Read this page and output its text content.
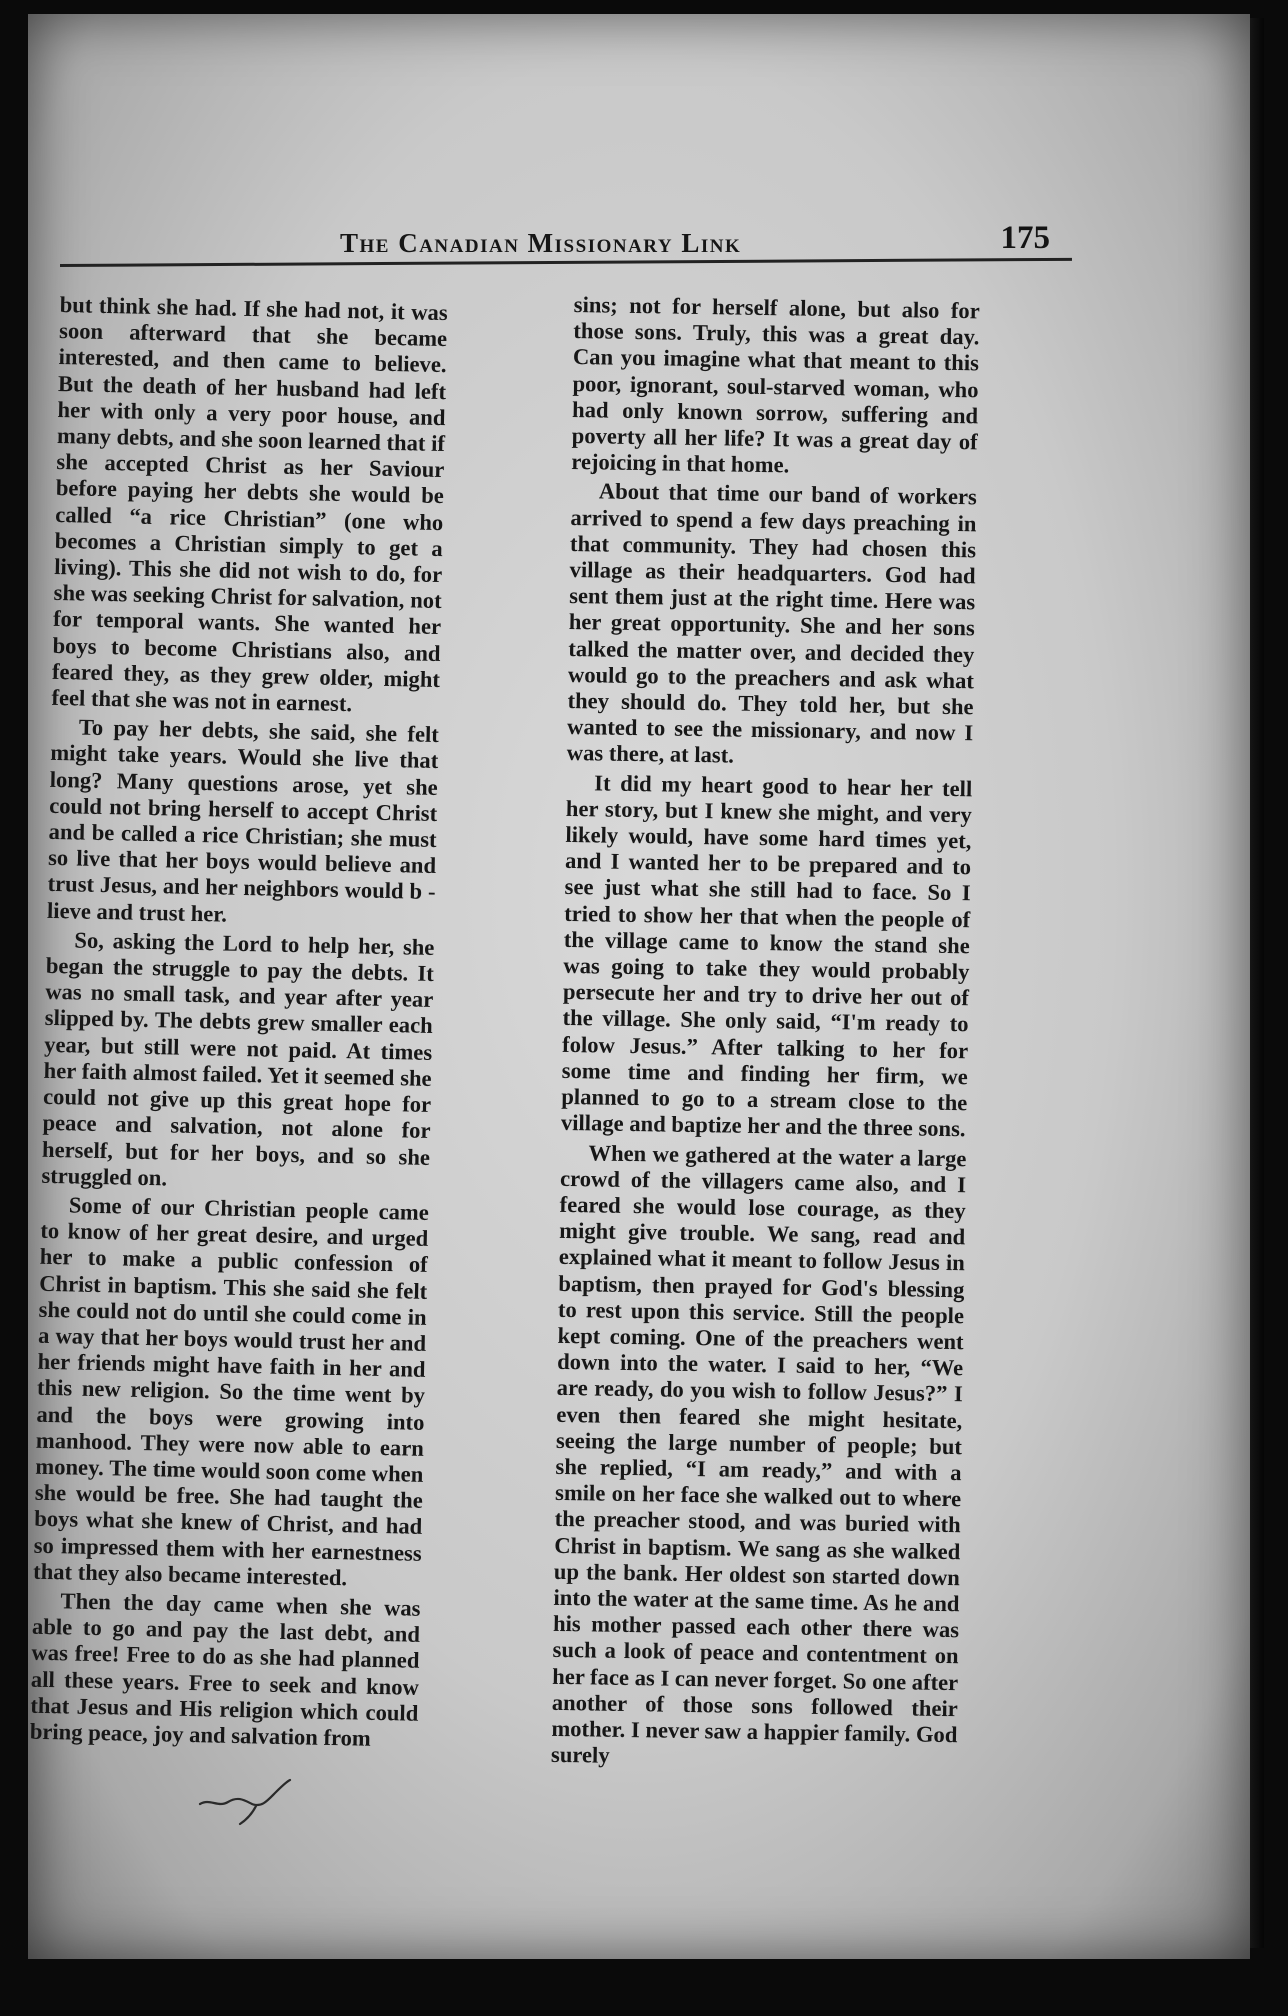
The Canadian Missionary Link	175

but think she had. If she had not, it was soon afterward that she became interested, and then came to believe. But the death of her husband had left her with only a very poor house, and many debts, and she soon learned that if she accepted Christ as her Saviour before paying her debts she would be called “a rice Christian” (one who becomes a Christian simply to get a living). This she did not wish to do, for she was seeking Christ for salvation, not for temporal wants. She wanted her boys to become Christians also, and feared they, as they grew older, might feel that she was not in earnest.

To pay her debts, she said, she felt might take years. Would she live that long? Many questions arose, yet she could not bring herself to accept Christ and be called a rice Christian; she must so live that her boys would believe and trust Jesus, and her neighbors would b - lieve and trust her.

So, asking the Lord to help her, she began the struggle to pay the debts. It was no small task, and year after year slipped by. The debts grew smaller each year, but still were not paid. At times her faith almost failed. Yet it seemed she could not give up this great hope for peace and salvation, not alone for herself, but for her boys, and so she struggled on.

Some of our Christian people came to know of her great desire, and urged her to make a public confession of Christ in baptism. This she said she felt she could not do until she could come in a way that her boys would trust her and her friends might have faith in her and this new religion. So the time went by and the boys were growing into manhood. They were now able to earn money. The time would soon come when she would be free. She had taught the boys what she knew of Christ, and had so impressed them with her earnestness that they also became interested.

Then the day came when she was able to go and pay the last debt, and was free! Free to do as she had planned all these years. Free to seek and know that Jesus and His religion which could bring peace, joy and salvation from

sins; not for herself alone, but also for those sons. Truly, this was a great day. Can you imagine what that meant to this poor, ignorant, soul-starved woman, who had only known sorrow, suffering and poverty all her life? It was a great day of rejoicing in that home.

About that time our band of workers arrived to spend a few days preaching in that community. They had chosen this village as their headquarters. God had sent them just at the right time. Here was her great opportunity. She and her sons talked the matter over, and decided they would go to the preachers and ask what they should do. They told her, but she wanted to see the missionary, and now I was there, at last.

It did my heart good to hear her tell her story, but I knew she might, and very likely would, have some hard times yet, and I wanted her to be prepared and to see just what she still had to face. So I tried to show her that when the people of the village came to know the stand she was going to take they would probably persecute her and try to drive her out of the village. She only said, “I'm ready to folow Jesus.” After talking to her for some time and finding her firm, we planned to go to a stream close to the village and baptize her and the three sons.

When we gathered at the water a large crowd of the villagers came also, and I feared she would lose courage, as they might give trouble. We sang, read and explained what it meant to follow Jesus in baptism, then prayed for God's blessing to rest upon this service. Still the people kept coming. One of the preachers went down into the water. I said to her, “We are ready, do you wish to follow Jesus?” I even then feared she might hesitate, seeing the large number of people; but she replied, “I am ready,” and with a smile on her face she walked out to where the preacher stood, and was buried with Christ in baptism. We sang as she walked up the bank. Her oldest son started down into the water at the same time. As he and his mother passed each other there was such a look of peace and contentment on her face as I can never forget. So one after another of those sons followed their mother. I never saw a happier family. God surely
